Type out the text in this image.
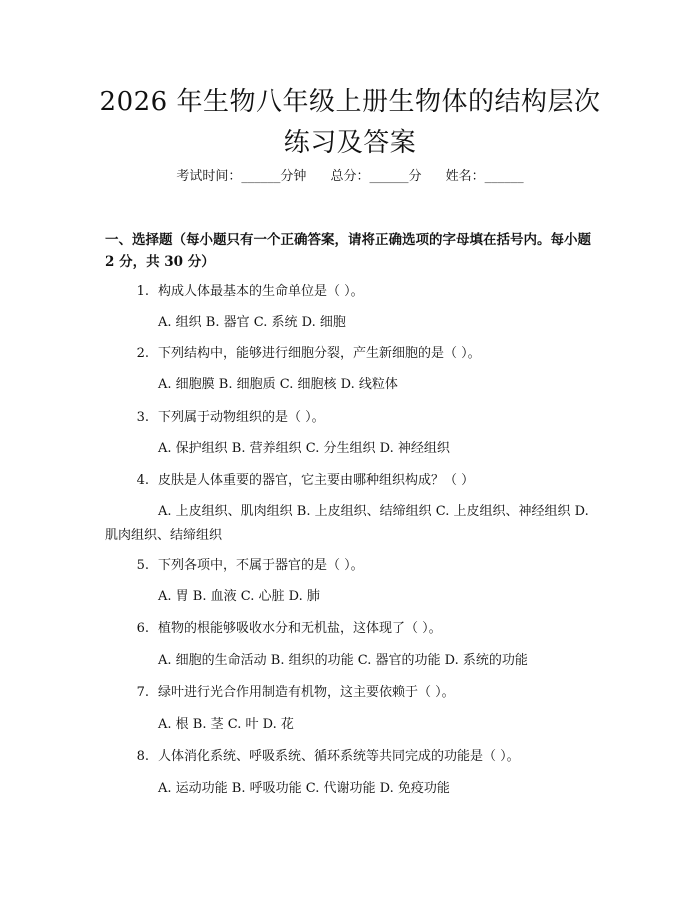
2026 年生物八年级上册生物体的结构层次练习及答案
考试时间：______分钟 总分：______分 姓名：______
一、选择题（每小题只有一个正确答案，请将正确选项的字母填在括号内。每小题 2 分，共 30 分）
1. 构成人体最基本的生命单位是（ ）。
A. 组织 B. 器官 C. 系统 D. 细胞
2. 下列结构中，能够进行细胞分裂，产生新细胞的是（ ）。
A. 细胞膜 B. 细胞质 C. 细胞核 D. 线粒体
3. 下列属于动物组织的是（ ）。
A. 保护组织 B. 营养组织 C. 分生组织 D. 神经组织
4. 皮肤是人体重要的器官，它主要由哪种组织构成？（ ）
A. 上皮组织、肌肉组织 B. 上皮组织、结缔组织 C. 上皮组织、神经组织 D. 肌肉组织、结缔组织
5. 下列各项中，不属于器官的是（ ）。
A. 胃 B. 血液 C. 心脏 D. 肺
6. 植物的根能够吸收水分和无机盐，这体现了（ ）。
A. 细胞的生命活动 B. 组织的功能 C. 器官的功能 D. 系统的功能
7. 绿叶进行光合作用制造有机物，这主要依赖于（ ）。
A. 根 B. 茎 C. 叶 D. 花
8. 人体消化系统、呼吸系统、循环系统等共同完成的功能是（ ）。
A. 运动功能 B. 呼吸功能 C. 代谢功能 D. 免疫功能
